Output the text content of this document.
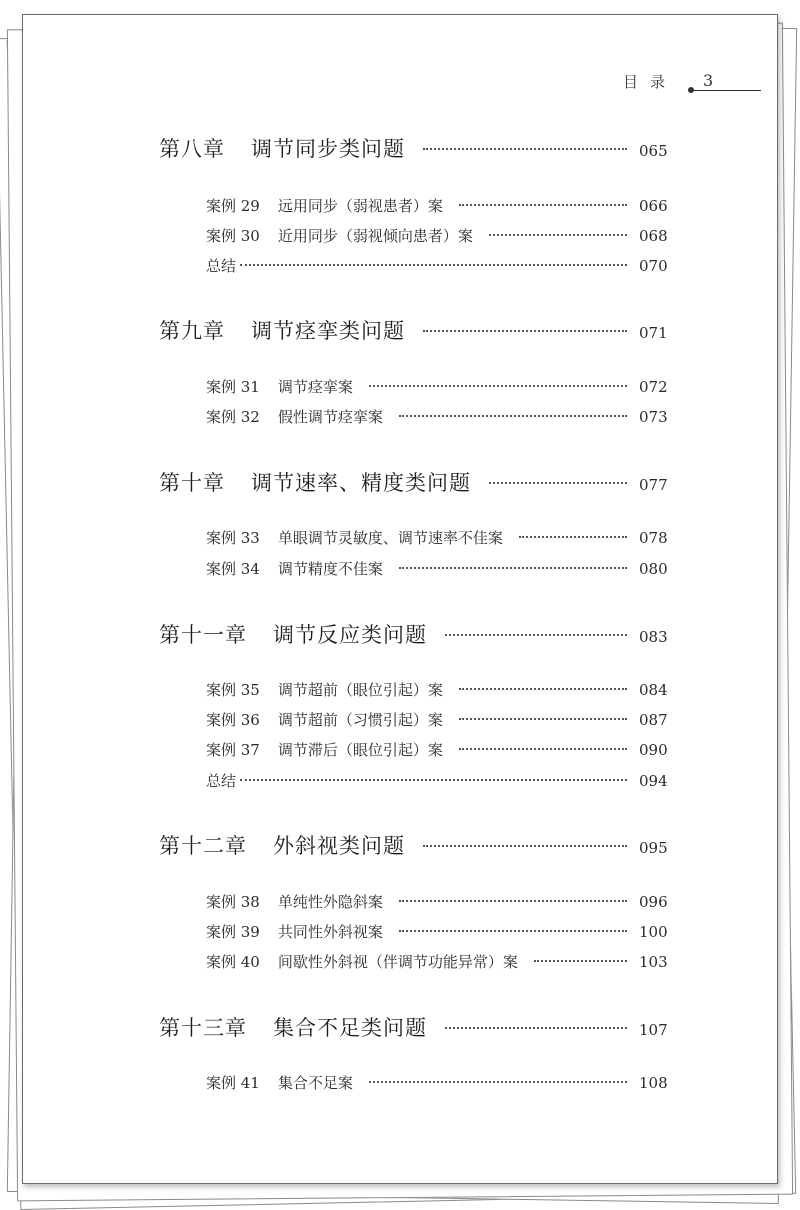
目录 3
第八章 调节同步类问题	065
案例 29 远用同步（弱视患者）案	066
案例 30 近用同步（弱视倾向患者）案	068
总结	070
第九章 调节痉挛类问题	071
案例 31 调节痉挛案	072
案例 32 假性调节痉挛案	073
第十章 调节速率、精度类问题	077
案例 33 单眼调节灵敏度、调节速率不佳案	078
案例 34 调节精度不佳案	080
第十一章 调节反应类问题	083
案例 35 调节超前（眼位引起）案	084
案例 36 调节超前（习惯引起）案	087
案例 37 调节滞后（眼位引起）案	090
总结	094
第十二章 外斜视类问题	095
案例 38 单纯性外隐斜案	096
案例 39 共同性外斜视案	100
案例 40 间歇性外斜视（伴调节功能异常）案	103
第十三章 集合不足类问题	107
案例 41 集合不足案	108
